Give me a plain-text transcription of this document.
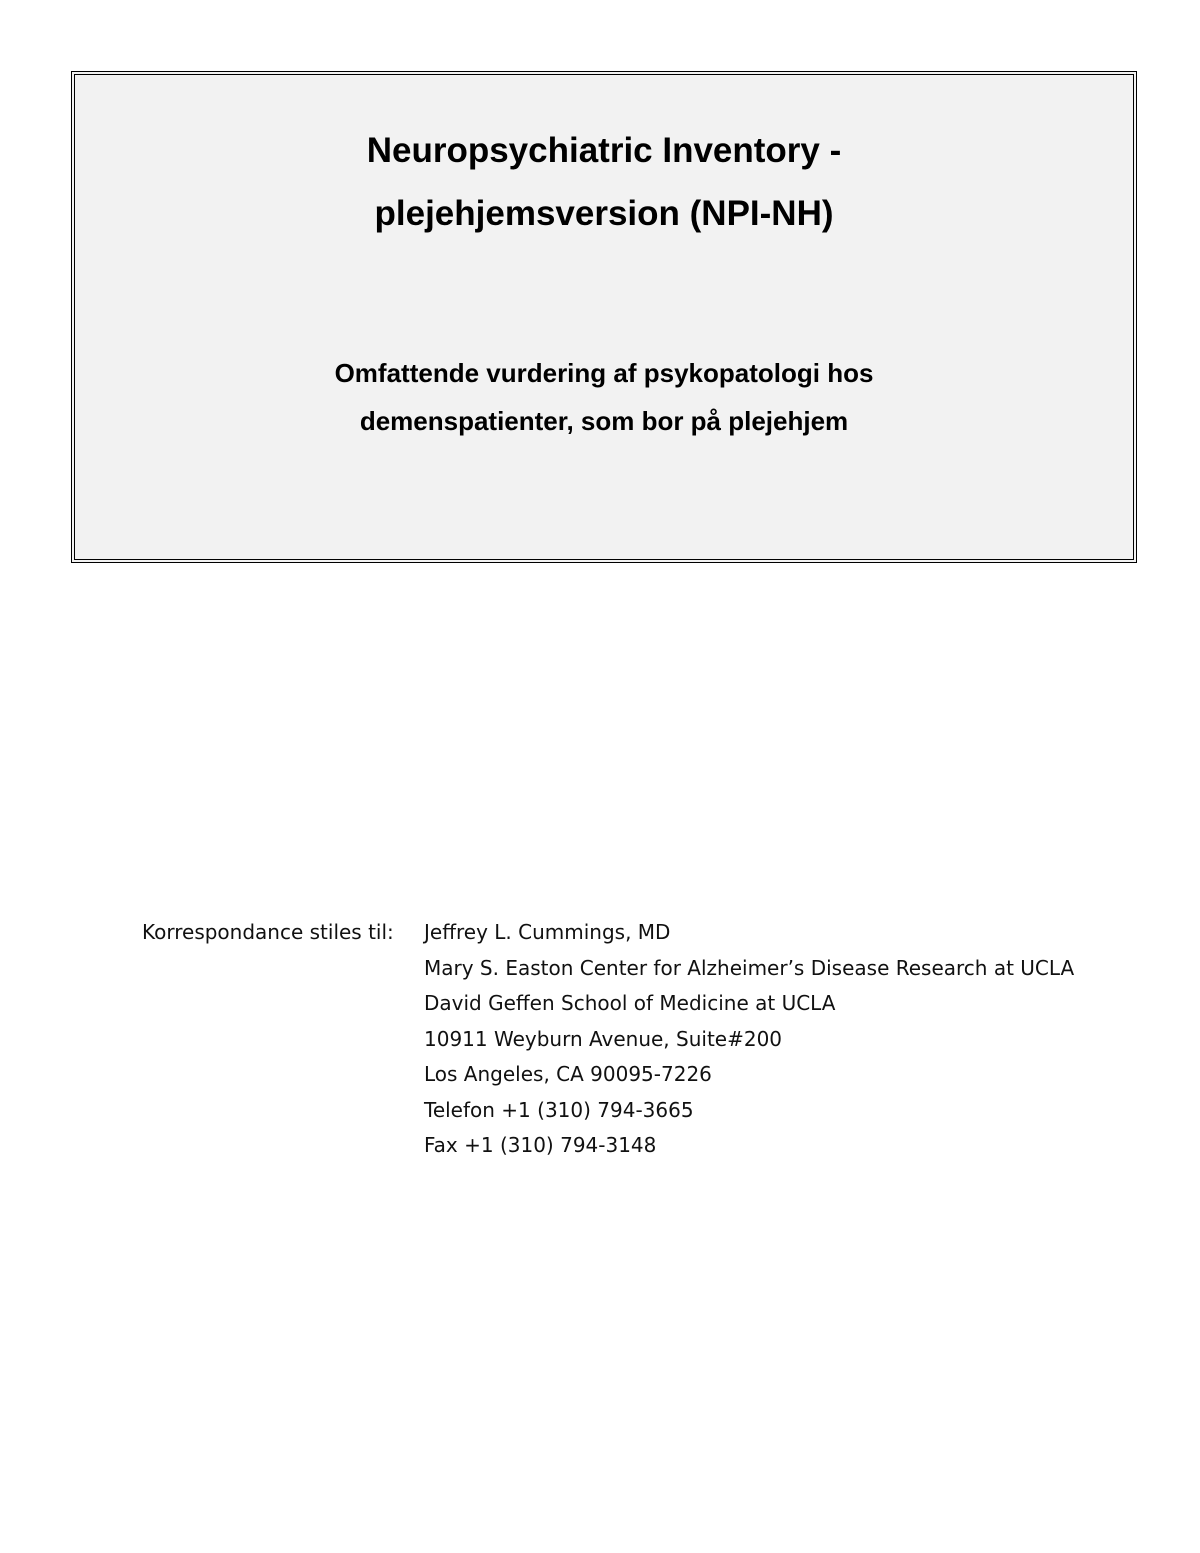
Neuropsychiatric Inventory -
plejehjemsversion (NPI-NH)
Omfattende vurdering af psykopatologi hos
demenspatienter, som bor på plejehjem
Korrespondance stiles til: Jeffrey L. Cummings, MD
Mary S. Easton Center for Alzheimer’s Disease Research at UCLA
David Geffen School of Medicine at UCLA
10911 Weyburn Avenue, Suite#200
Los Angeles, CA 90095-7226
Telefon +1 (310) 794-3665
Fax +1 (310) 794-3148
